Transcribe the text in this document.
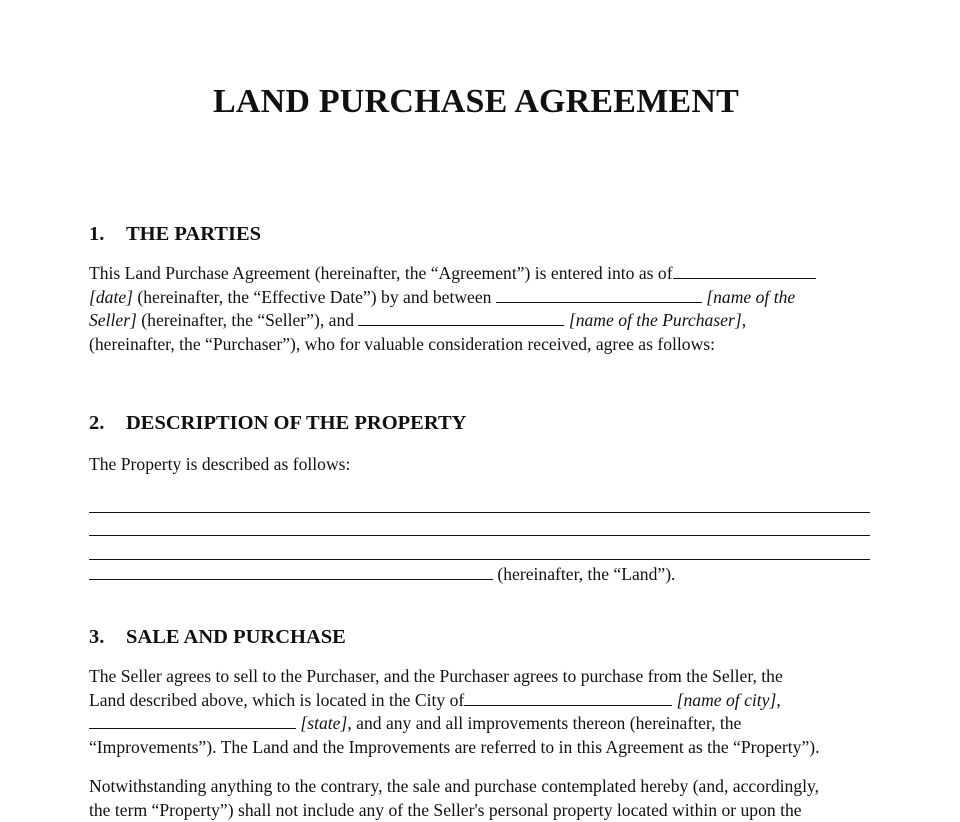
LAND PURCHASE AGREEMENT
1. THE PARTIES
This Land Purchase Agreement (hereinafter, the “Agreement”) is entered into as of
[date] (hereinafter, the “Effective Date”) by and between	[name of the
Seller] (hereinafter, the “Seller”), and	[name of the Purchaser],
(hereinafter, the “Purchaser”), who for valuable consideration received, agree as follows:
2. DESCRIPTION OF THE PROPERTY
The Property is described as follows:
(hereinafter, the “Land”).
3. SALE AND PURCHASE
The Seller agrees to sell to the Purchaser, and the Purchaser agrees to purchase from the Seller, the
Land described above, which is located in the City of	[name of city],
[state], and any and all improvements thereon (hereinafter, the
“Improvements”). The Land and the Improvements are referred to in this Agreement as the “Property”).
Notwithstanding anything to the contrary, the sale and purchase contemplated hereby (and, accordingly,
the term “Property”) shall not include any of the Seller's personal property located within or upon the
